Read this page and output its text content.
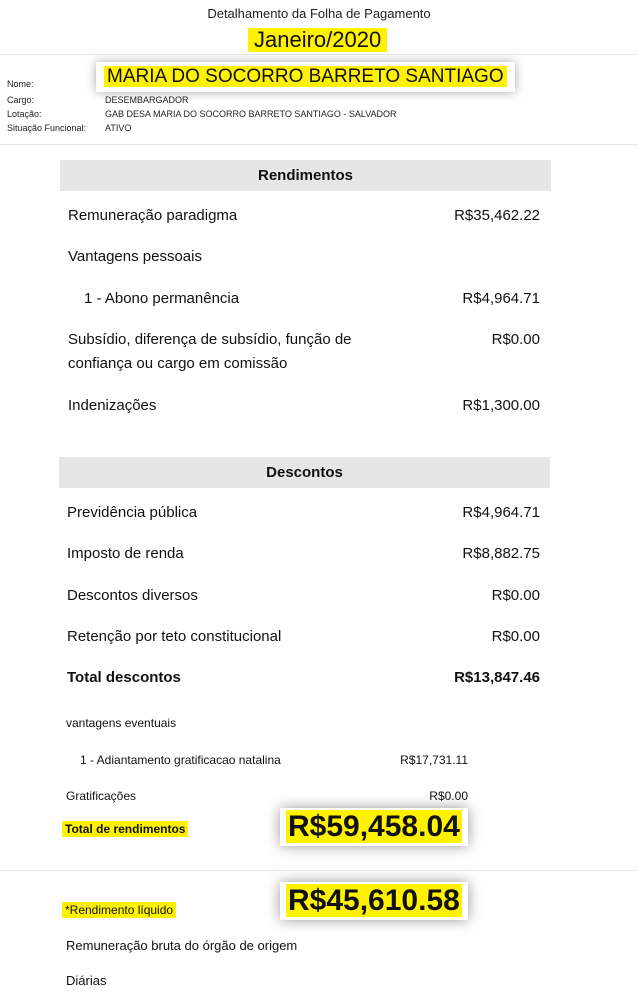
Detalhamento da Folha de Pagamento
Janeiro/2020
MARIA DO SOCORRO BARRETO SANTIAGO
Nome:
Cargo:	DESEMBARGADOR
Lotação:	GAB DESA MARIA DO SOCORRO BARRETO SANTIAGO - SALVADOR
Situação Funcional: ATIVO
Rendimentos
Remuneração paradigma	R$35,462.22
Vantagens pessoais
1 - Abono permanência	R$4,964.71
Subsídio, diferença de subsídio, função de
confiança ou cargo em comissão
R$0.00
Indenizações	R$1,300.00
Descontos
Previdência pública	R$4,964.71
Imposto de renda	R$8,882.75
Descontos diversos	R$0.00
Retenção por teto constitucional	R$0.00
Total descontos	R$13,847.46
vantagens eventuais
1 - Adiantamento gratificacao natalina	R$17,731.11
Gratificações	R$0.00
Total de rendimentos	R$59,458.04
*Rendimento líquido	R$45,610.58
Remuneração bruta do órgão de origem
Diárias
